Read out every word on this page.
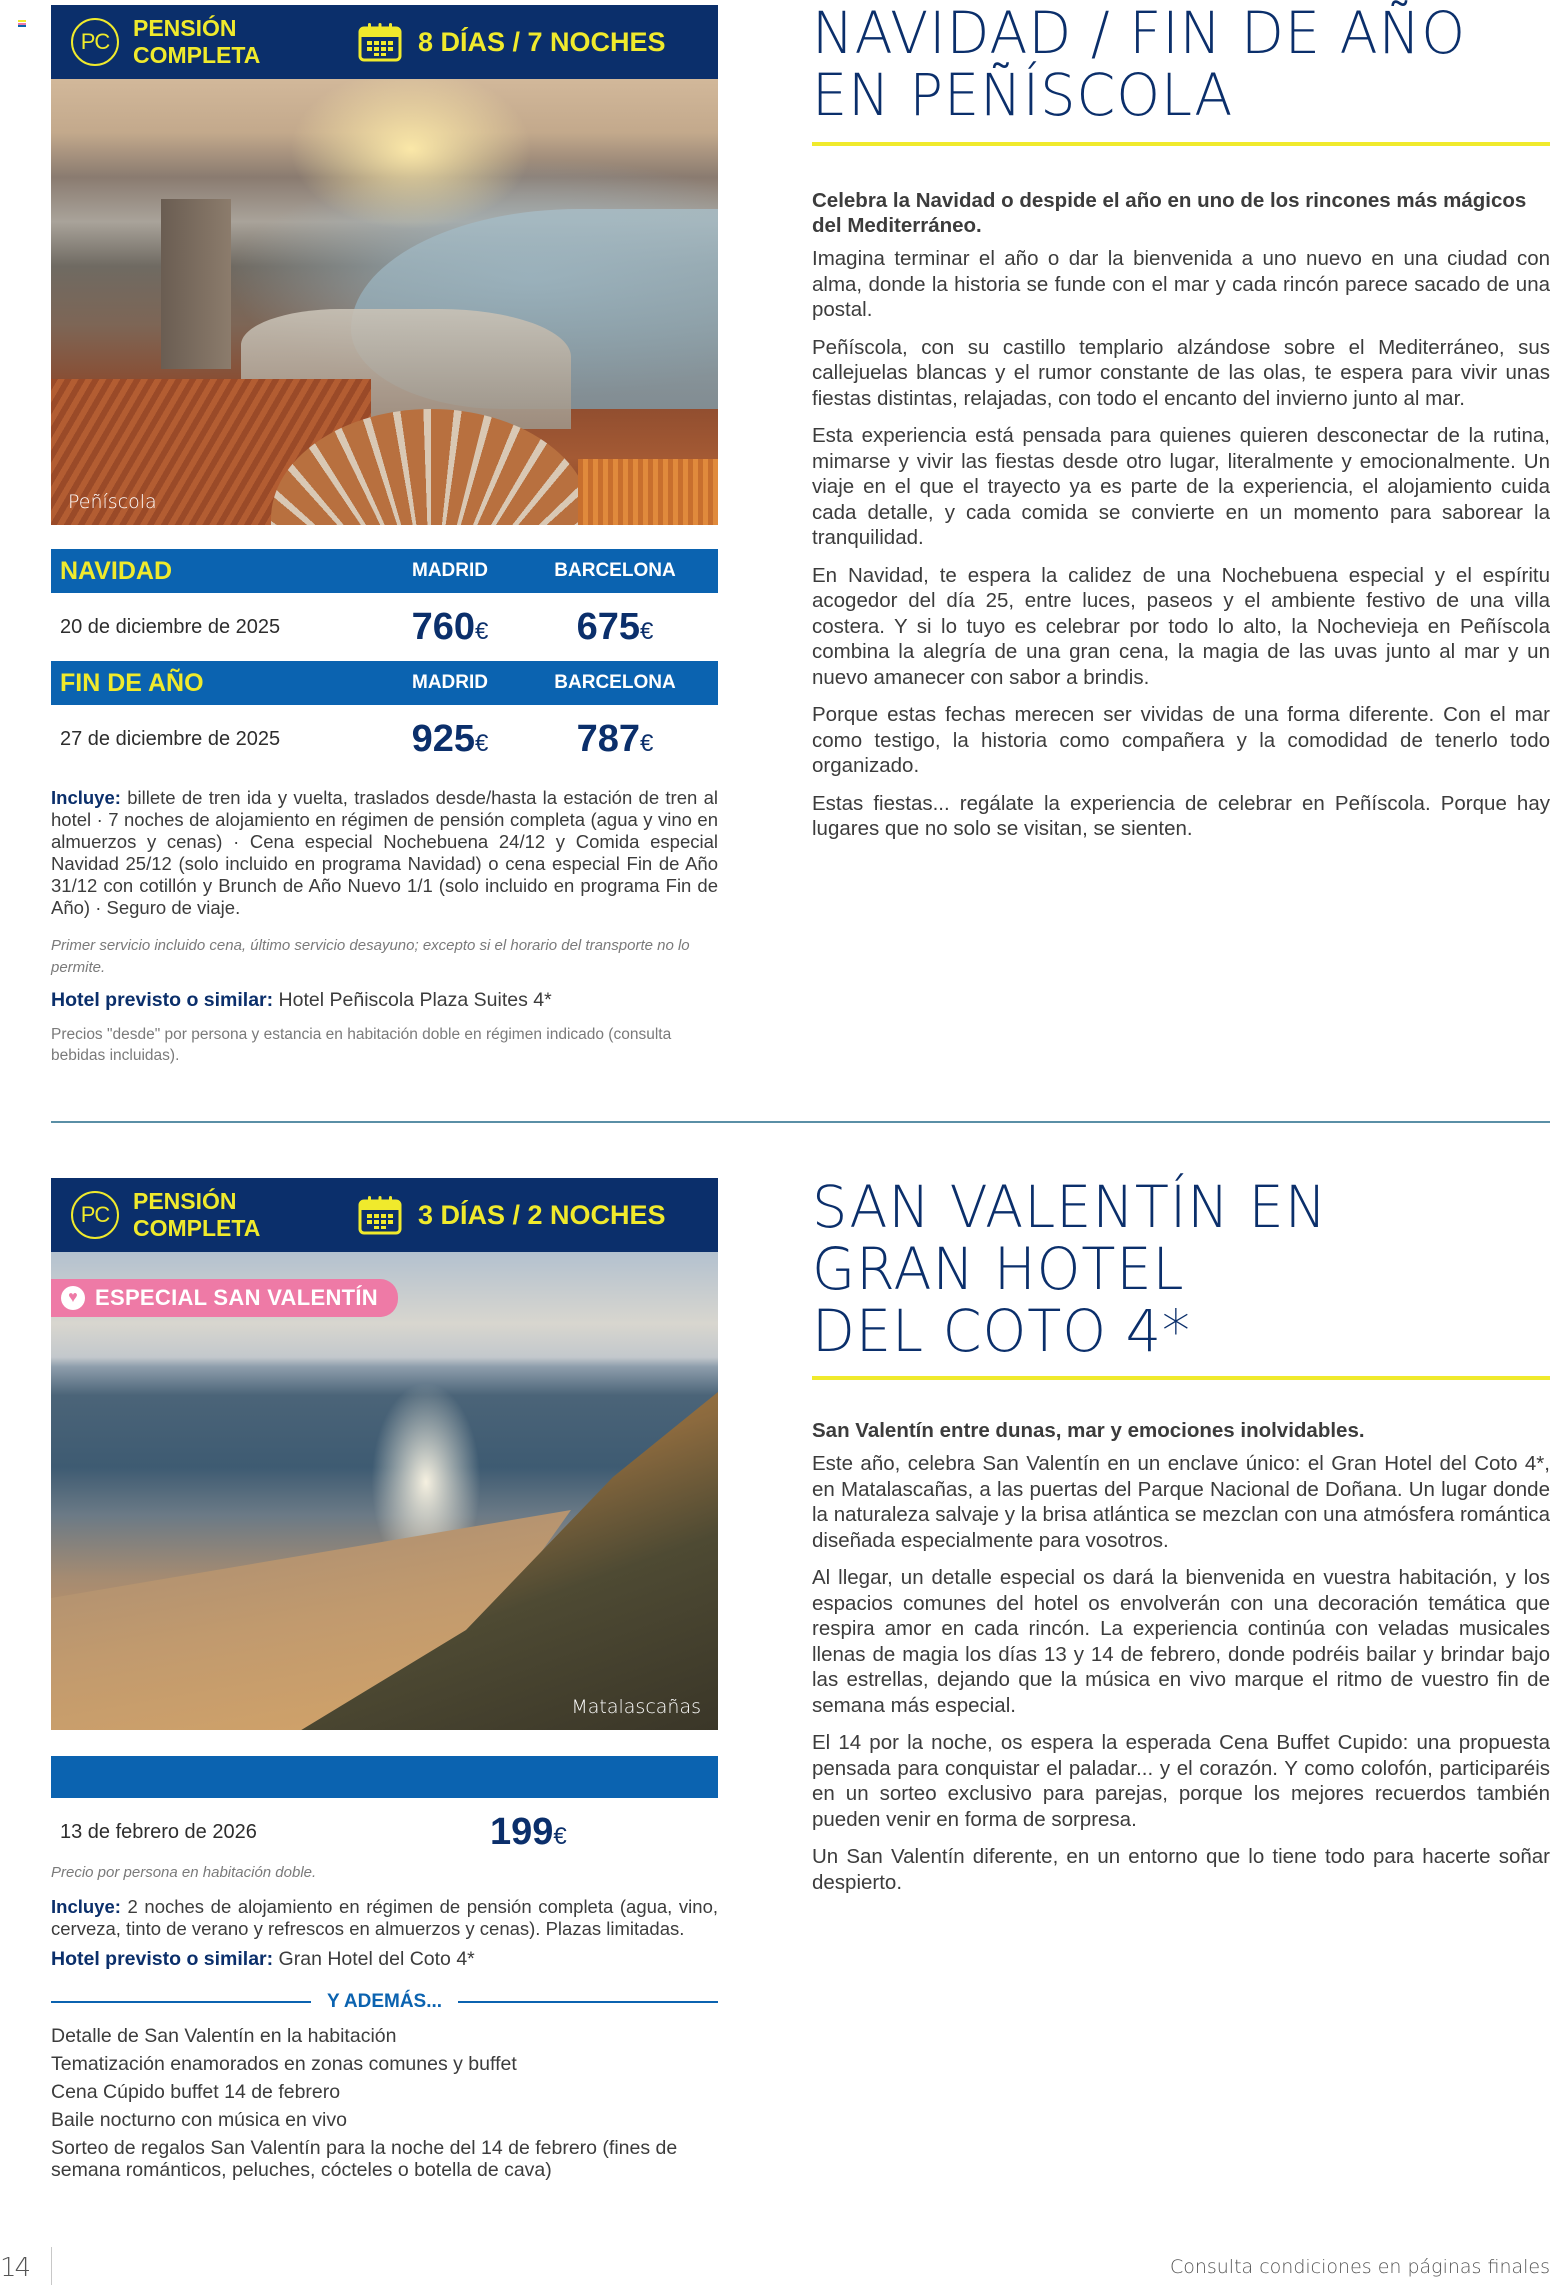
PC
PENSIÓN COMPLETA	8 DÍAS / 7 NOCHES
Peñíscola
NAVIDAD	MADRID	BARCELONA
20 de diciembre de 2025	760€	675€
FIN DE AÑO	MADRID	BARCELONA
27 de diciembre de 2025	925€	787€

Incluye: billete de tren ida y vuelta, traslados desde/hasta la estación de tren al hotel · 7 noches de alojamiento en régimen de pensión completa (agua y vino en almuerzos y cenas) · Cena especial Nochebuena 24/12 y Comida especial Navidad 25/12 (solo incluido en programa Navidad) o cena especial Fin de Año 31/12 con cotillón y Brunch de Año Nuevo 1/1 (solo incluido en programa Fin de Año) · Seguro de viaje.

Primer servicio incluido cena, último servicio desayuno; excepto si el horario del transporte no lo permite.

Hotel previsto o similar: Hotel Peñiscola Plaza Suites 4*

Precios "desde" por persona y estancia en habitación doble en régimen indicado (consulta bebidas incluidas).

NAVIDAD / FIN DE AÑO
EN PEÑÍSCOLA

Celebra la Navidad o despide el año en uno de los rincones más mágicos del Mediterráneo.

Imagina terminar el año o dar la bienvenida a uno nuevo en una ciudad con alma, donde la historia se funde con el mar y cada rincón parece sacado de una postal.

Peñíscola, con su castillo templario alzándose sobre el Mediterráneo, sus callejuelas blancas y el rumor constante de las olas, te espera para vivir unas fiestas distintas, relajadas, con todo el encanto del invierno junto al mar.

Esta experiencia está pensada para quienes quieren desconectar de la rutina, mimarse y vivir las fiestas desde otro lugar, literalmente y emocionalmente. Un viaje en el que el trayecto ya es parte de la experiencia, el alojamiento cuida cada detalle, y cada comida se convierte en un momento para saborear la tranquilidad.

En Navidad, te espera la calidez de una Nochebuena especial y el espíritu acogedor del día 25, entre luces, paseos y el ambiente festivo de una villa costera. Y si lo tuyo es celebrar por todo lo alto, la Nochevieja en Peñíscola combina la alegría de una gran cena, la magia de las uvas junto al mar y un nuevo amanecer con sabor a brindis.

Porque estas fechas merecen ser vividas de una forma diferente. Con el mar como testigo, la historia como compañera y la comodidad de tenerlo todo organizado.

Estas fiestas... regálate la experiencia de celebrar en Peñíscola. Porque hay lugares que no solo se visitan, se sienten.

PC
PENSIÓN COMPLETA	3 DÍAS / 2 NOCHES
♥
ESPECIAL SAN VALENTÍN
Matalascañas
13 de febrero de 2026	199€

Precio por persona en habitación doble.

Incluye: 2 noches de alojamiento en régimen de pensión completa (agua, vino, cerveza, tinto de verano y refrescos en almuerzos y cenas). Plazas limitadas.

Hotel previsto o similar: Gran Hotel del Coto 4*

Y ADEMÁS...
Detalle de San Valentín en la habitación
Tematización enamorados en zonas comunes y buffet
Cena Cúpido buffet 14 de febrero
Baile nocturno con música en vivo
Sorteo de regalos San Valentín para la noche del 14 de febrero (fines de semana románticos, peluches, cócteles o botella de cava)
SAN VALENTÍN EN
GRAN HOTEL
DEL COTO 4*

San Valentín entre dunas, mar y emociones inolvidables.

Este año, celebra San Valentín en un enclave único: el Gran Hotel del Coto 4*, en Matalascañas, a las puertas del Parque Nacional de Doñana. Un lugar donde la naturaleza salvaje y la brisa atlántica se mezclan con una atmósfera romántica diseñada especialmente para vosotros.

Al llegar, un detalle especial os dará la bienvenida en vuestra habitación, y los espacios comunes del hotel os envolverán con una decoración temática que respira amor en cada rincón. La experiencia continúa con veladas musicales llenas de magia los días 13 y 14 de febrero, donde podréis bailar y brindar bajo las estrellas, dejando que la música en vivo marque el ritmo de vuestro fin de semana más especial.

El 14 por la noche, os espera la esperada Cena Buffet Cupido: una propuesta pensada para conquistar el paladar... y el corazón. Y como colofón, participaréis en un sorteo exclusivo para parejas, porque los mejores recuerdos también pueden venir en forma de sorpresa.

Un San Valentín diferente, en un entorno que lo tiene todo para hacerte soñar despierto.

14	Consulta condiciones en páginas finales
